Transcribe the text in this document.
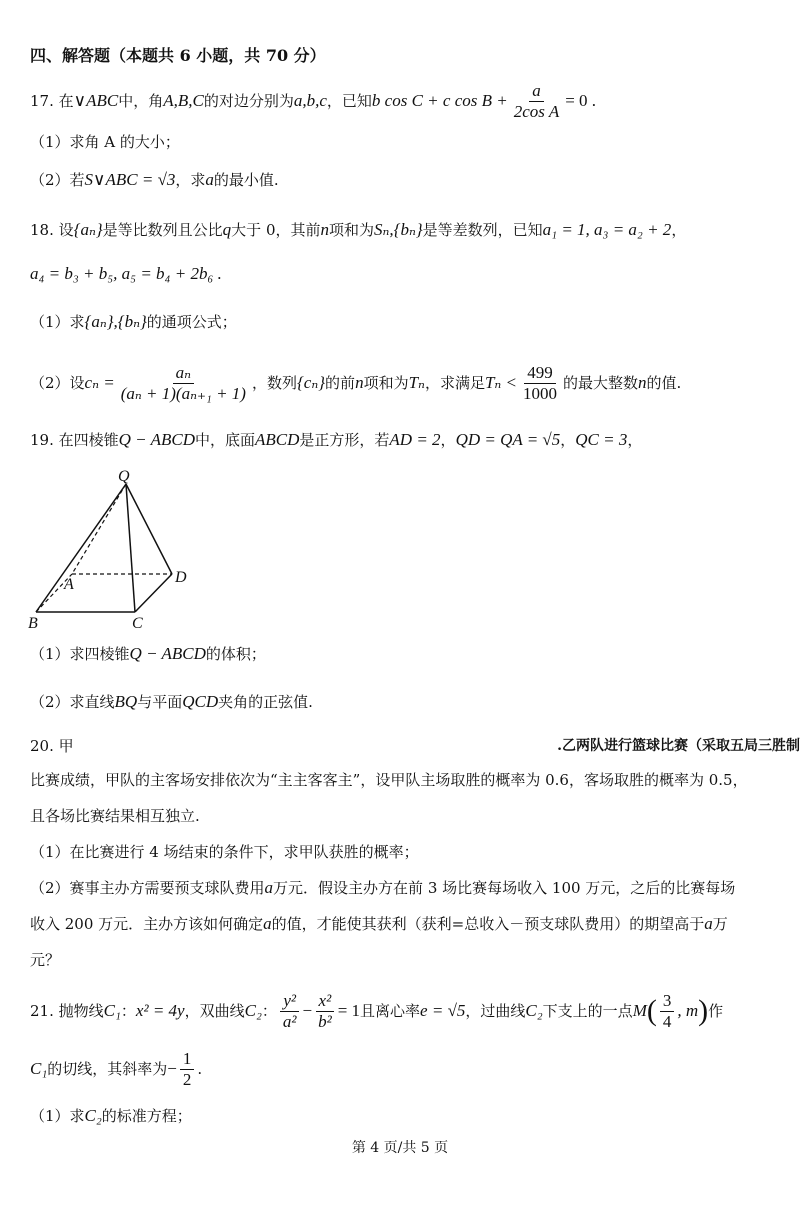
四、解答题（本题共 6 小题，共 70 分）
17.
在 ∨ABC 中，角 A,B,C 的对边分别为 a,b,c ，已知 b cos C + c $\cos B + \frac{a}{\text{2cos A}} = 0$ .
（1）求角 A 的大小；
（2）若S∨ABC = √3，求a的最小值.
18. 设{aₙ}是等比数列且公比q大于 0，其前n项和为Sₙ,{bₙ}是等差数列，已知a₁ = 1, a₃ = a₂ + 2，
a₄ = b₃ + b₅, a₅ = b₄ + 2b₆ .
（1）求{aₙ},{bₙ}的通项公式；
（2）设 $c_n = \frac{\text{aₙ}}{\text{(aₙ + 1)(aₙ₊₁ + 1)}}$ ，数列 {cₙ} 的前 n 项和为 Tₙ ，求满足 $T_n < \frac{499}{1000}$ 的最大整数 n 的值.
19. 在四棱锥Q − ABCD中，底面ABCD是正方形，若AD = 2，QD = QA = √5，QC = 3，
Q
A	D
B	C
（1）求四棱锥Q − ABCD的体积；
（2）求直线BQ与平面QCD夹角的正弦值.
20. 甲	.乙两队进行篮球比赛（采取五局三胜制
比赛成绩，甲队的主客场安排依次为“主主客客主”，设甲队主场取胜的概率为 0.6，客场取胜的概率为 0.5，
且各场比赛结果相互独立.
（1）在比赛进行 4 场结束的条件下，求甲队获胜的概率；
（2）赛事主办方需要预支球队费用a万元．假设主办方在前 3 场比赛每场收入 100 万元，之后的比赛每场
收入 200 万元．主办方该如何确定a的值，才能使其获利（获利=总收入－预支球队费用）的期望高于a万
元？
21.
抛物线 C₁ ： x² = 4y ，双曲线 C₂ ： $\frac{\text{y²}}{\text{a²}} - \frac{\text{x²}}{\text{b²}} = 1$ 且离心率 e = √5 ，过曲线 C₂ 下支上的一点 M ( $\frac{3}{4}$ , m ) 作
C₁ 的切线，其斜率为 − $\frac{1}{2}$ .
（1）求C₂的标准方程；
第 4 页/共 5 页
